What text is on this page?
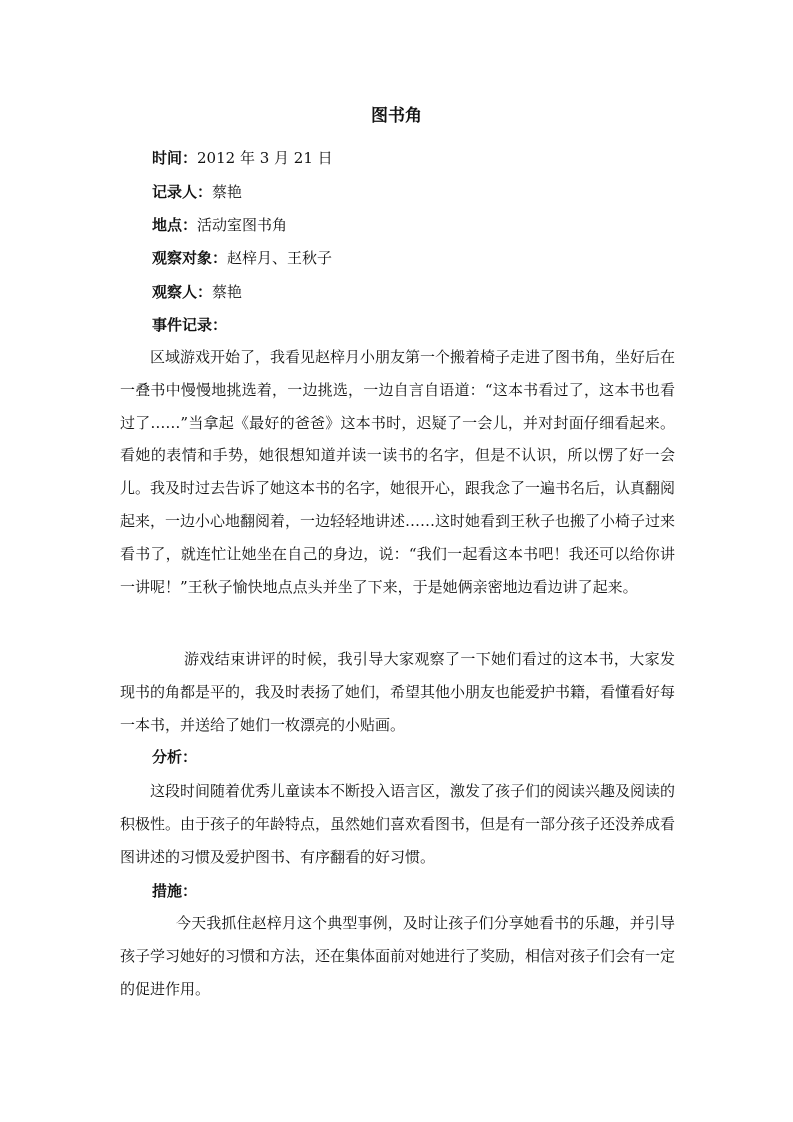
图书角
时间：2012 年 3 月 21 日
记录人：蔡艳
地点：活动室图书角
观察对象：赵梓月、王秋子
观察人：蔡艳
事件记录：
区域游戏开始了，我看见赵梓月小朋友第一个搬着椅子走进了图书角，坐好后在一叠书中慢慢地挑选着，一边挑选，一边自言自语道：“这本书看过了，这本书也看过了……”当拿起《最好的爸爸》这本书时，迟疑了一会儿，并对封面仔细看起来。看她的表情和手势，她很想知道并读一读书的名字，但是不认识，所以愣了好一会儿。我及时过去告诉了她这本书的名字，她很开心，跟我念了一遍书名后，认真翻阅起来，一边小心地翻阅着，一边轻轻地讲述……这时她看到王秋子也搬了小椅子过来看书了，就连忙让她坐在自己的身边，说：“我们一起看这本书吧！我还可以给你讲一讲呢！”王秋子愉快地点点头并坐了下来，于是她俩亲密地边看边讲了起来。
游戏结束讲评的时候，我引导大家观察了一下她们看过的这本书，大家发现书的角都是平的，我及时表扬了她们，希望其他小朋友也能爱护书籍，看懂看好每一本书，并送给了她们一枚漂亮的小贴画。
分析：
这段时间随着优秀儿童读本不断投入语言区，激发了孩子们的阅读兴趣及阅读的积极性。由于孩子的年龄特点，虽然她们喜欢看图书，但是有一部分孩子还没养成看图讲述的习惯及爱护图书、有序翻看的好习惯。
措施：
今天我抓住赵梓月这个典型事例，及时让孩子们分享她看书的乐趣，并引导孩子学习她好的习惯和方法，还在集体面前对她进行了奖励，相信对孩子们会有一定的促进作用。
